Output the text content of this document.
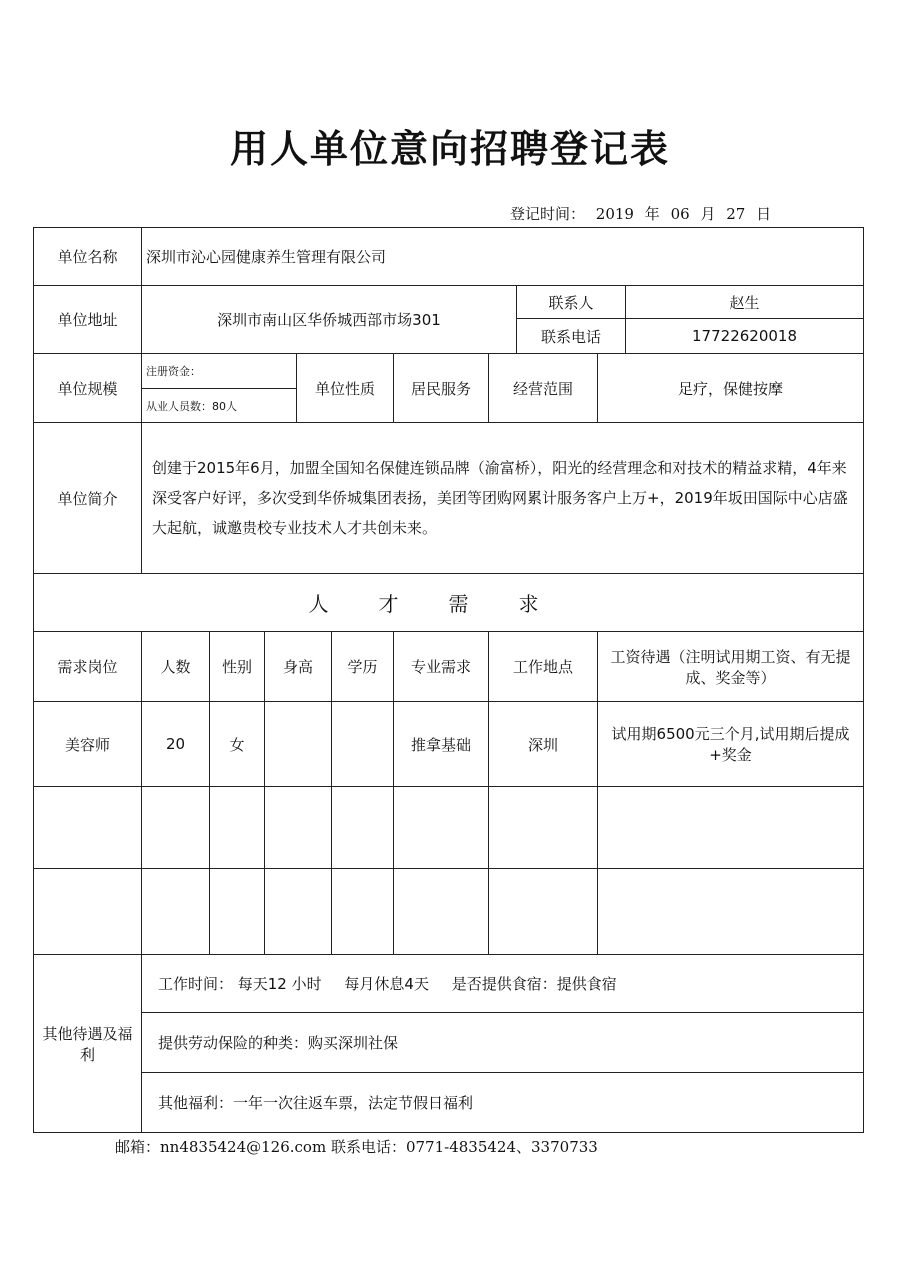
用人单位意向招聘登记表
登记时间： 2019 年 06 月 27 日
单位名称	深圳市沁心园健康养生管理有限公司									
单位地址	深圳市南山区华侨城西部市场301							联系人		赵生
								联系电话		17722620018
单位规模	注册资金：			单位性质		居民服务	经营范围		足疗，保健按摩	
	从业人员数：80人									
单位简介	创建于2015年6月，加盟全国知名保健连锁品牌（渝富桥），阳光的经营理念和对技术的精益求精，4年来深受客户好评，多次受到华侨城集团表扬，美团等团购网累计服务客户上万+，2019年坂田国际中心店盛大起航，诚邀贵校专业技术人才共创未来。									
人才需求										
需求岗位	人数	性别	身高		学历	专业需求	工作地点		工资待遇（注明试用期工资、有无提成、奖金等）	
美容师	20	女				推拿基础	深圳		试用期6500元三个月,试用期后提成+奖金	

其他待遇及福利	工作时间： 每天12 小时 每月休息4天 是否提供食宿：提供食宿									
	提供劳动保险的种类：购买深圳社保									
	其他福利：一年一次往返车票，法定节假日福利									
邮箱：nn4835424@126.com 联系电话：0771-4835424、3370733
